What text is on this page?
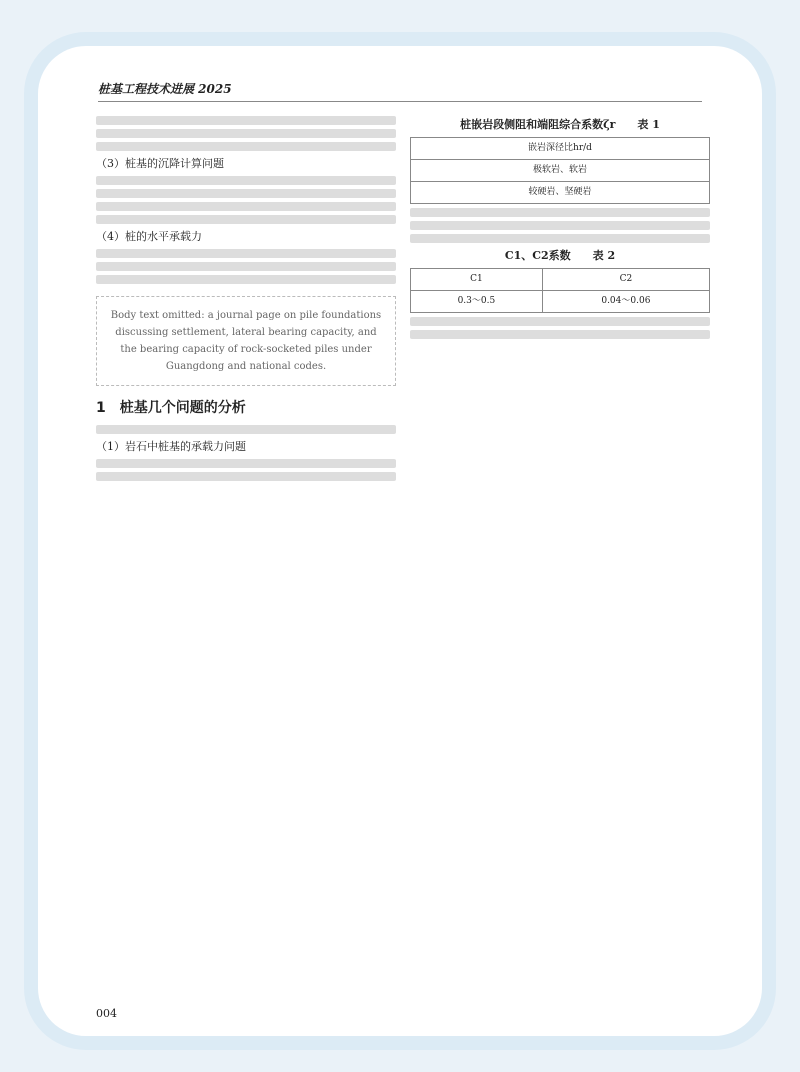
桩基工程技术进展 2025
（3）桩基的沉降计算问题
（4）桩的水平承载力
Body text omitted: a journal page on pile foundations discussing settlement, lateral bearing capacity, and the bearing capacity of rock-socketed piles under Guangdong and national codes.
1　桩基几个问题的分析
（1）岩石中桩基的承载力问题
桩嵌岩段侧阻和端阻综合系数ζr　　表 1
嵌岩深径比hr/d
极软岩、软岩
较硬岩、坚硬岩
C1、C2系数　　表 2
C1	C2
0.3～0.5	0.04～0.06
004
